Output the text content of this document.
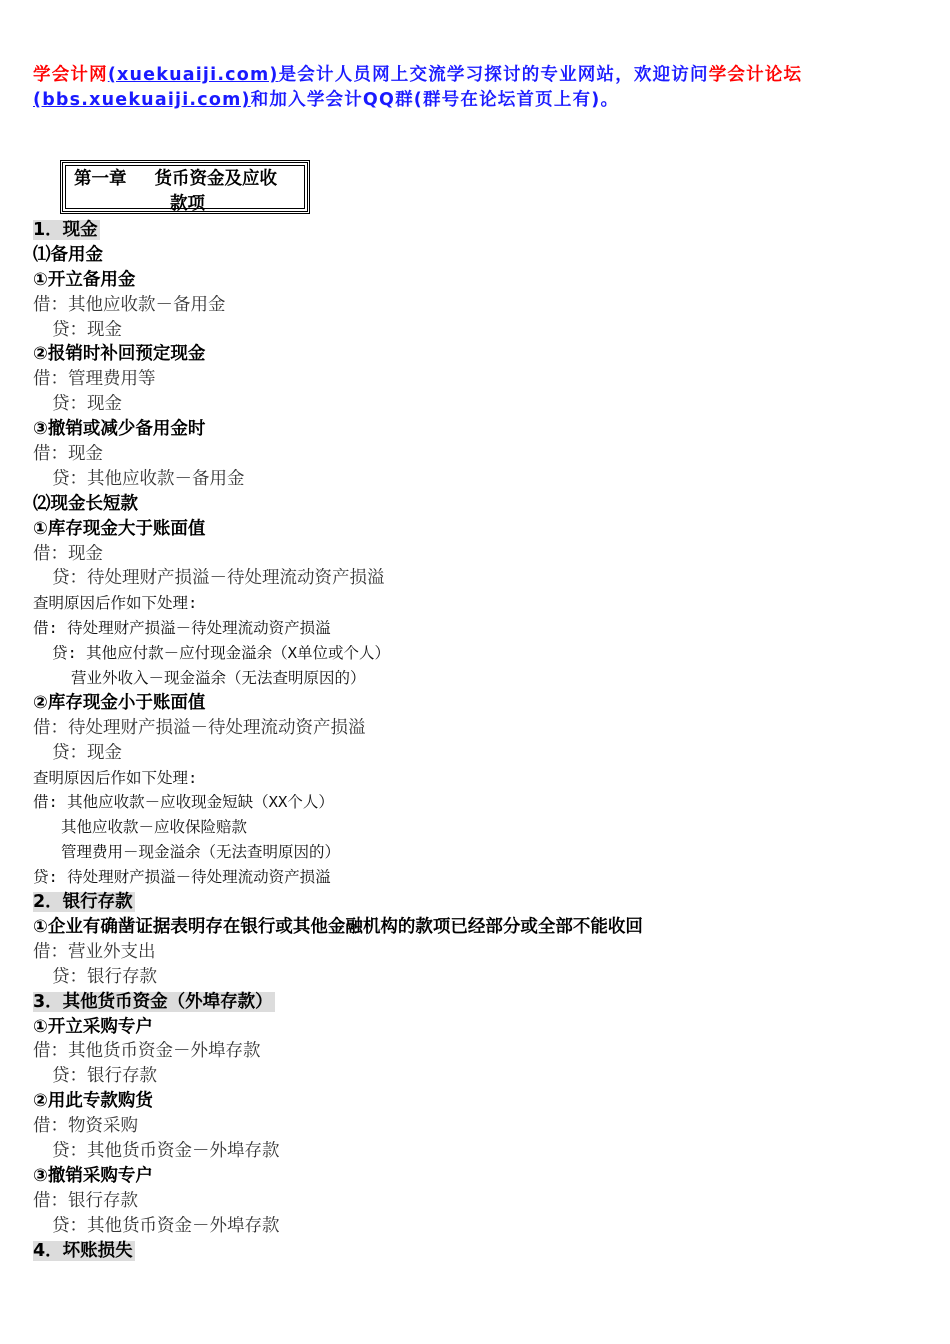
学会计网(xuekuaiji.com)是会计人员网上交流学习探讨的专业网站，欢迎访问学会计论坛
(bbs.xuekuaiji.com)和加入学会计QQ群(群号在论坛首页上有)。
第一章 货币资金及应收
款项
1．现金
⑴备用金
①开立备用金
借：其他应收款－备用金
贷：现金
②报销时补回预定现金
借：管理费用等
贷：现金
③撤销或减少备用金时
借：现金
贷：其他应收款－备用金
⑵现金长短款
①库存现金大于账面值
借：现金
贷：待处理财产损溢－待处理流动资产损溢
查明原因后作如下处理:
借: 待处理财产损溢－待处理流动资产损溢
贷: 其他应付款－应付现金溢余（X单位或个人）
营业外收入－现金溢余（无法查明原因的）
②库存现金小于账面值
借：待处理财产损溢－待处理流动资产损溢
贷：现金
查明原因后作如下处理:
借: 其他应收款－应收现金短缺（XX个人）
其他应收款－应收保险赔款
管理费用－现金溢余（无法查明原因的）
贷: 待处理财产损溢－待处理流动资产损溢
2．银行存款
①企业有确凿证据表明存在银行或其他金融机构的款项已经部分或全部不能收回
借：营业外支出
贷：银行存款
3．其他货币资金（外埠存款）
①开立采购专户
借：其他货币资金－外埠存款
贷：银行存款
②用此专款购货
借：物资采购
贷：其他货币资金－外埠存款
③撤销采购专户
借：银行存款
贷：其他货币资金－外埠存款
4．坏账损失
